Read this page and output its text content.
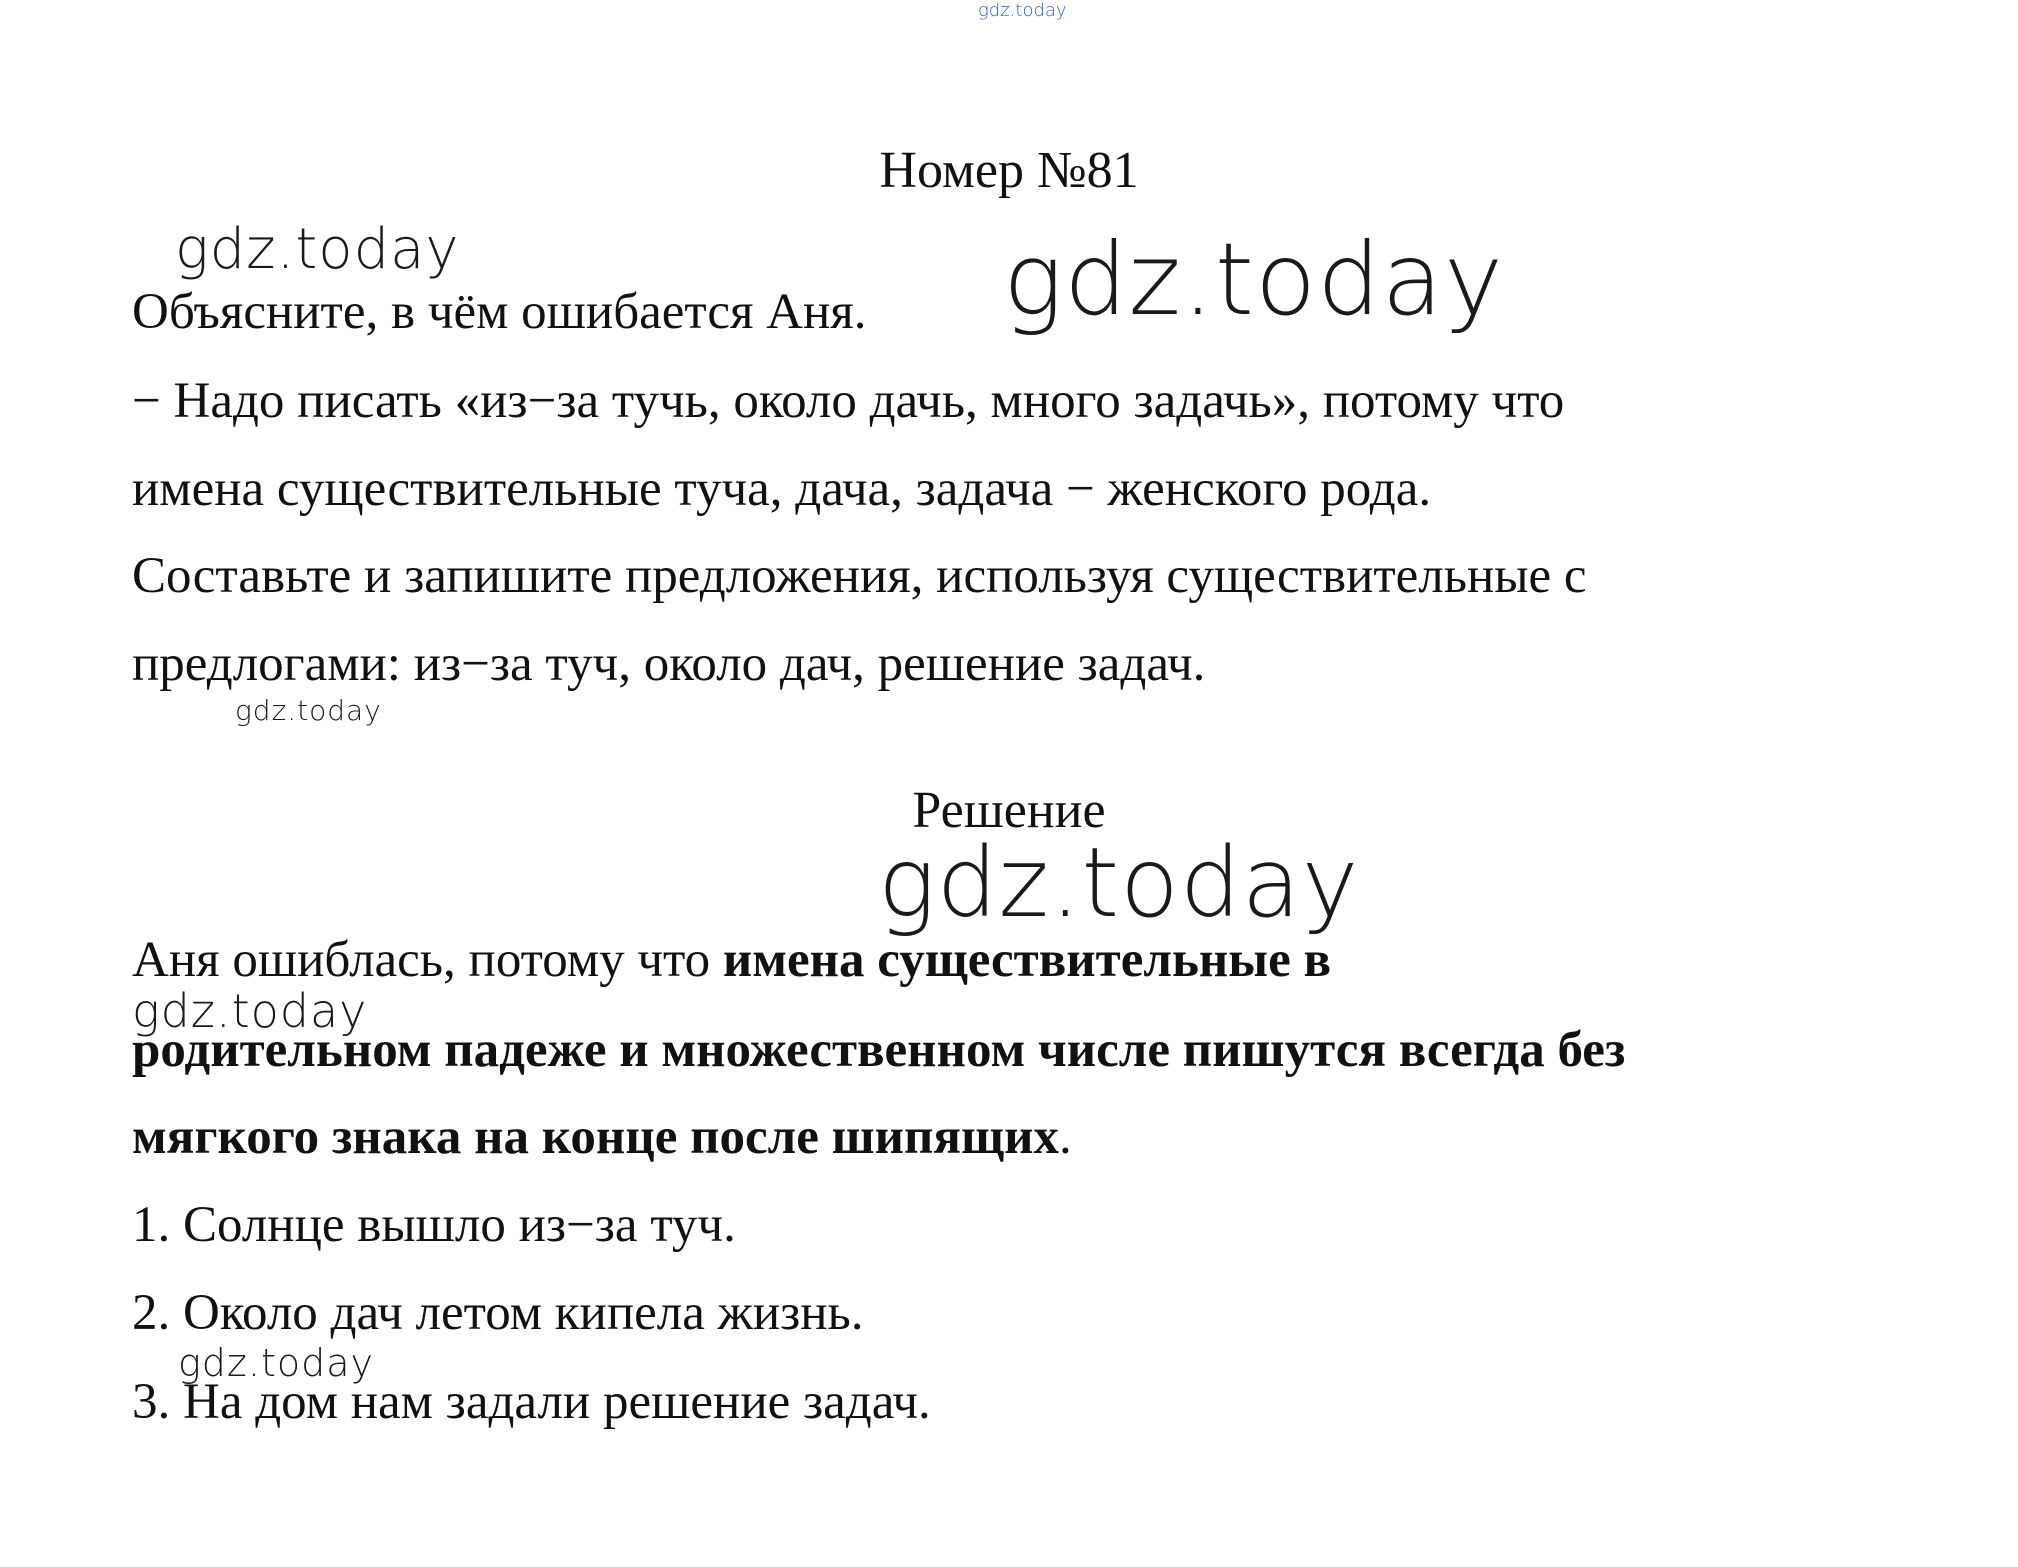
gdz.today
Номер №81
gdz.today
Объясните, в чём ошибается Аня. gdz.today
− Надо писать «из−за тучь, около дачь, много задачь», потому что
имена существительные туча, дача, задача − женского рода.
Составьте и запишите предложения, используя существительные с
предлогами: из−за туч, около дач, решение задач.
gdz.today
Решение
gdz.today
Аня ошиблась, потому что имена существительные в
gdz.today
родительном падеже и множественном числе пишутся всегда без
мягкого знака на конце после шипящих.
1. Солнце вышло из−за туч.
2. Около дач летом кипела жизнь.
gdz.today
3. На дом нам задали решение задач.
